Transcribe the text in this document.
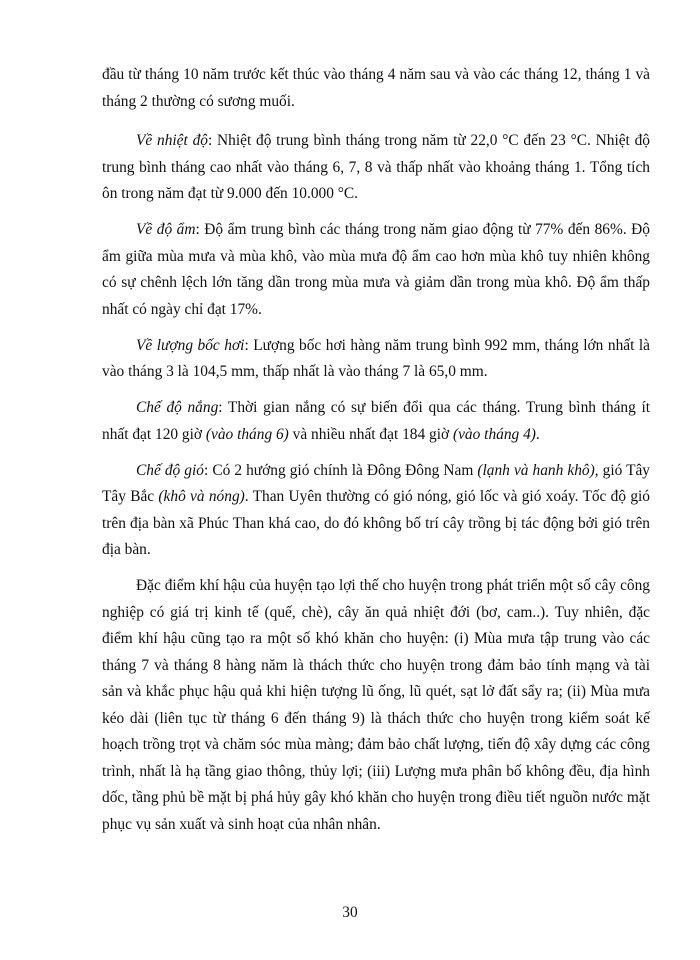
đầu từ tháng 10 năm trước kết thúc vào tháng 4 năm sau và vào các tháng 12, tháng 1 và tháng 2 thường có sương muối.

Về nhiệt độ: Nhiệt độ trung bình tháng trong năm từ 22,0 °C đến 23 °C. Nhiệt độ trung bình tháng cao nhất vào tháng 6, 7, 8 và thấp nhất vào khoảng tháng 1. Tổng tích ôn trong năm đạt từ 9.000 đến 10.000 °C.

Về độ ẩm: Độ ẩm trung bình các tháng trong năm giao động từ 77% đến 86%. Độ ẩm giữa mùa mưa và mùa khô, vào mùa mưa độ ẩm cao hơn mùa khô tuy nhiên không có sự chênh lệch lớn tăng dần trong mùa mưa và giảm dần trong mùa khô. Độ ẩm thấp nhất có ngày chỉ đạt 17%.

Về lượng bốc hơi: Lượng bốc hơi hàng năm trung bình 992 mm, tháng lớn nhất là vào tháng 3 là 104,5 mm, thấp nhất là vào tháng 7 là 65,0 mm.

Chế độ nắng: Thời gian nắng có sự biến đổi qua các tháng. Trung bình tháng ít nhất đạt 120 giờ (vào tháng 6) và nhiều nhất đạt 184 giờ (vào tháng 4).

Chế độ gió: Có 2 hướng gió chính là Đông Đông Nam (lạnh và hanh khô), gió Tây Tây Bắc (khô và nóng). Than Uyên thường có gió nóng, gió lốc và gió xoáy. Tốc độ gió trên địa bàn xã Phúc Than khá cao, do đó không bố trí cây trồng bị tác động bởi gió trên địa bàn.

Đặc điểm khí hậu của huyện tạo lợi thế cho huyện trong phát triển một số cây công nghiệp có giá trị kinh tế (quế, chè), cây ăn quả nhiệt đới (bơ, cam..). Tuy nhiên, đặc điểm khí hậu cũng tạo ra một số khó khăn cho huyện: (i) Mùa mưa tập trung vào các tháng 7 và tháng 8 hàng năm là thách thức cho huyện trong đảm bảo tính mạng và tài sản và khắc phục hậu quả khi hiện tượng lũ ống, lũ quét, sạt lở đất sẩy ra; (ii) Mùa mưa kéo dài (liên tục từ tháng 6 đến tháng 9) là thách thức cho huyện trong kiểm soát kế hoạch trồng trọt và chăm sóc mùa màng; đảm bảo chất lượng, tiến độ xây dựng các công trình, nhất là hạ tầng giao thông, thủy lợi; (iii) Lượng mưa phân bố không đều, địa hình dốc, tầng phủ bề mặt bị phá hủy gây khó khăn cho huyện trong điều tiết nguồn nước mặt phục vụ sản xuất và sinh hoạt của nhân nhân.

30
